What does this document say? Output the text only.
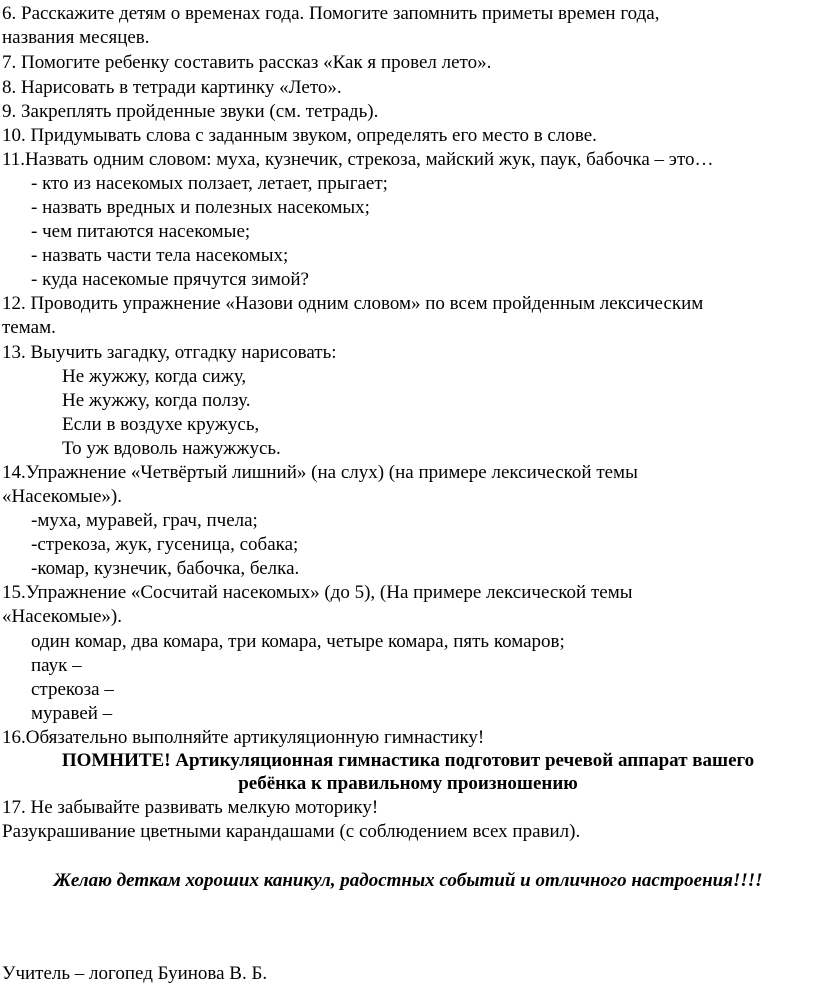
6. Расскажите детям о временах года. Помогите запомнить приметы времен года,
названия месяцев.
7. Помогите ребенку составить рассказ «Как я провел лето».
8. Нарисовать в тетради картинку «Лето».
9. Закреплять пройденные звуки (см. тетрадь).
10. Придумывать слова с заданным звуком, определять его место в слове.
11.Назвать одним словом: муха, кузнечик, стрекоза, майский жук, паук, бабочка – это…
- кто из насекомых ползает, летает, прыгает;
- назвать вредных и полезных насекомых;
- чем питаются насекомые;
- назвать части тела насекомых;
- куда насекомые прячутся зимой?
12. Проводить упражнение «Назови одним словом» по всем пройденным лексическим
темам.
13. Выучить загадку, отгадку нарисовать:
Не жужжу, когда сижу,
Не жужжу, когда ползу.
Если в воздухе кружусь,
То уж вдоволь нажужжусь.
14.Упражнение «Четвёртый лишний» (на слух) (на примере лексической темы
«Насекомые»).
-муха, муравей, грач, пчела;
-стрекоза, жук, гусеница, собака;
-комар, кузнечик, бабочка, белка.
15.Упражнение «Сосчитай насекомых» (до 5), (На примере лексической темы
«Насекомые»).
один комар, два комара, три комара, четыре комара, пять комаров;
паук –
стрекоза –
муравей –
16.Обязательно выполняйте артикуляционную гимнастику!
ПОМНИТЕ! Артикуляционная гимнастика подготовит речевой аппарат вашего
ребёнка к правильному произношению
17. Не забывайте развивать мелкую моторику!
Разукрашивание цветными карандашами (с соблюдением всех правил).
Желаю деткам хороших каникул, радостных событий и отличного настроения!!!!
Учитель – логопед Буинова В. Б.
